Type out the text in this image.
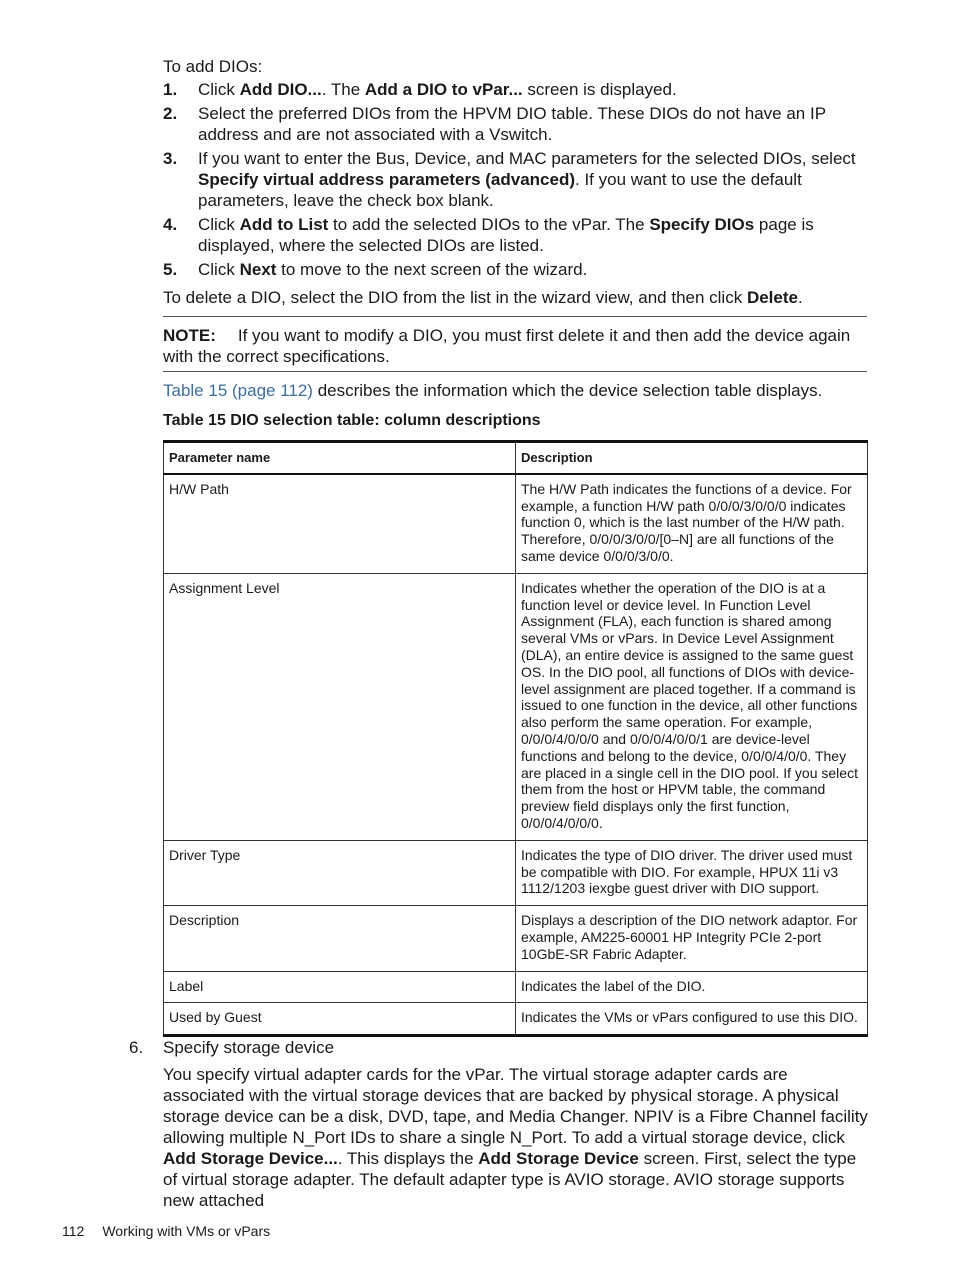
To add DIOs:

1.	Click Add DIO.... The Add a DIO to vPar... screen is displayed.
2.	Select the preferred DIOs from the HPVM DIO table. These DIOs do not have an IP address and are not associated with a Vswitch.
3.	If you want to enter the Bus, Device, and MAC parameters for the selected DIOs, select Specify virtual address parameters (advanced). If you want to use the default parameters, leave the check box blank.
4.	Click Add to List to add the selected DIOs to the vPar. The Specify DIOs page is displayed, where the selected DIOs are listed.
5.	Click Next to move to the next screen of the wizard.

To delete a DIO, select the DIO from the list in the wizard view, and then click Delete.

NOTE: If you want to modify a DIO, you must first delete it and then add the device again with the correct specifications.

Table 15 (page 112) describes the information which the device selection table displays.

Table 15 DIO selection table: column descriptions

Parameter name	Description
H/W Path	The H/W Path indicates the functions of a device. For example, a function H/W path 0/0/0/3/0/0/0 indicates function 0, which is the last number of the H/W path. Therefore, 0/0/0/3/0/0/[0–N] are all functions of the same device 0/0/0/3/0/0.
Assignment Level	Indicates whether the operation of the DIO is at a function level or device level. In Function Level Assignment (FLA), each function is shared among several VMs or vPars. In Device Level Assignment (DLA), an entire device is assigned to the same guest OS. In the DIO pool, all functions of DIOs with device-level assignment are placed together. If a command is issued to one function in the device, all other functions also perform the same operation. For example, 0/0/0/4/0/0/0 and 0/0/0/4/0/0/1 are device-level functions and belong to the device, 0/0/0/4/0/0. They are placed in a single cell in the DIO pool. If you select them from the host or HPVM table, the command preview field displays only the first function, 0/0/0/4/0/0/0.
Driver Type	Indicates the type of DIO driver. The driver used must be compatible with DIO. For example, HPUX 11i v3 1112/1203 iexgbe guest driver with DIO support.
Description	Displays a description of the DIO network adaptor. For example, AM225-60001 HP Integrity PCIe 2-port 10GbE-SR Fabric Adapter.
Label	Indicates the label of the DIO.
Used by Guest	Indicates the VMs or vPars configured to use this DIO.
6. Specify storage device

You specify virtual adapter cards for the vPar. The virtual storage adapter cards are associated with the virtual storage devices that are backed by physical storage. A physical storage device can be a disk, DVD, tape, and Media Changer. NPIV is a Fibre Channel facility allowing multiple N_Port IDs to share a single N_Port. To add a virtual storage device, click Add Storage Device.... This displays the Add Storage Device screen. First, select the type of virtual storage adapter. The default adapter type is AVIO storage. AVIO storage supports new attached

112 Working with VMs or vPars
